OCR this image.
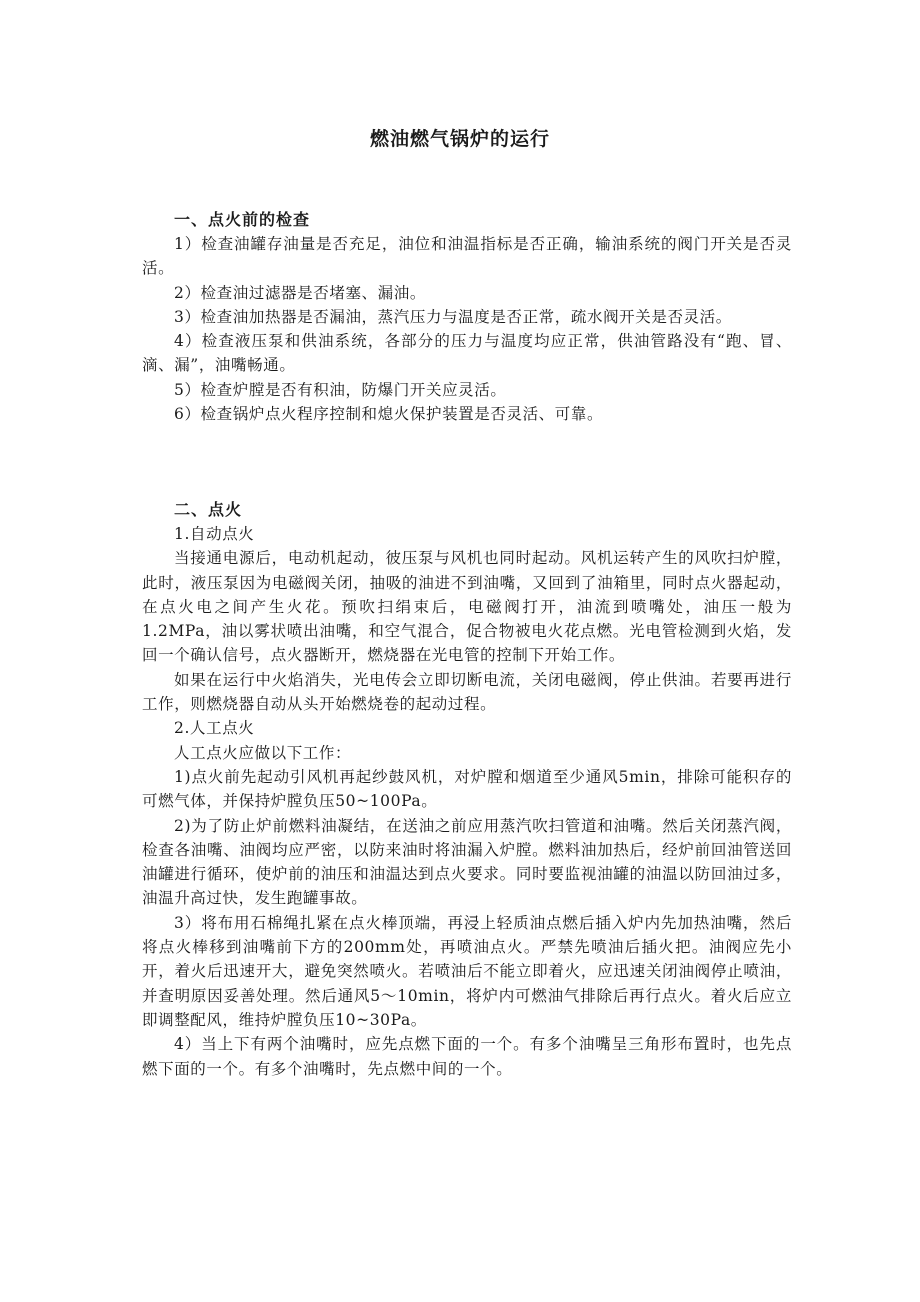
燃油燃气锅炉的运行
一、点火前的检查

1）检查油罐存油量是否充足，油位和油温指标是否正确，输油系统的阀门开关是否灵活。

2）检查油过滤器是否堵塞、漏油。

3）检查油加热器是否漏油，蒸汽压力与温度是否正常，疏水阀开关是否灵活。

4）检查液压泵和供油系统，各部分的压力与温度均应正常，供油管路没有“跑、冒、滴、漏”，油嘴畅通。

5）检查炉膛是否有积油，防爆门开关应灵活。

6）检查锅炉点火程序控制和熄火保护装置是否灵活、可靠。

二、点火
1.自动点火

当接通电源后，电动机起动，彼压泵与风机也同时起动。风机运转产生的风吹扫炉膛，此时，液压泵因为电磁阀关闭，抽吸的油进不到油嘴，又回到了油箱里，同时点火器起动，在点火电之间产生火花。预吹扫绢束后，电磁阀打开，油流到喷嘴处，油压一般为1.2MPa，油以雾状喷出油嘴，和空气混合，促合物被电火花点燃。光电管检测到火焰，发回一个确认信号，点火器断开，燃烧器在光电管的控制下开始工作。

如果在运行中火焰消失，光电传会立即切断电流，关闭电磁阀，停止供油。若要再进行工作，则燃烧器自动从头开始燃烧卷的起动过程。

2.人工点火

人工点火应做以下工作：

1)点火前先起动引风机再起纱鼓风机，对炉膛和烟道至少通风5min，排除可能积存的可燃气体，并保持炉膛负压50~100Pa。

2)为了防止炉前燃料油凝结，在送油之前应用蒸汽吹扫管道和油嘴。然后关闭蒸汽阀，检查各油嘴、油阀均应严密，以防来油时将油漏入炉膛。燃料油加热后，经炉前回油管送回油罐进行循环，使炉前的油压和油温达到点火要求。同时要监视油罐的油温以防回油过多，油温升高过快，发生跑罐事故。

3）将布用石棉绳扎紧在点火棒顶端，再浸上轻质油点燃后插入炉内先加热油嘴，然后将点火棒移到油嘴前下方的200mm处，再喷油点火。严禁先喷油后插火把。油阀应先小开，着火后迅速开大，避免突然喷火。若喷油后不能立即着火，应迅速关闭油阀停止喷油，并查明原因妥善处理。然后通风5～10min，将炉内可燃油气排除后再行点火。着火后应立即调整配风，维持炉膛负压10~30Pa。

4）当上下有两个油嘴时，应先点燃下面的一个。有多个油嘴呈三角形布置时，也先点燃下面的一个。有多个油嘴时，先点燃中间的一个。
